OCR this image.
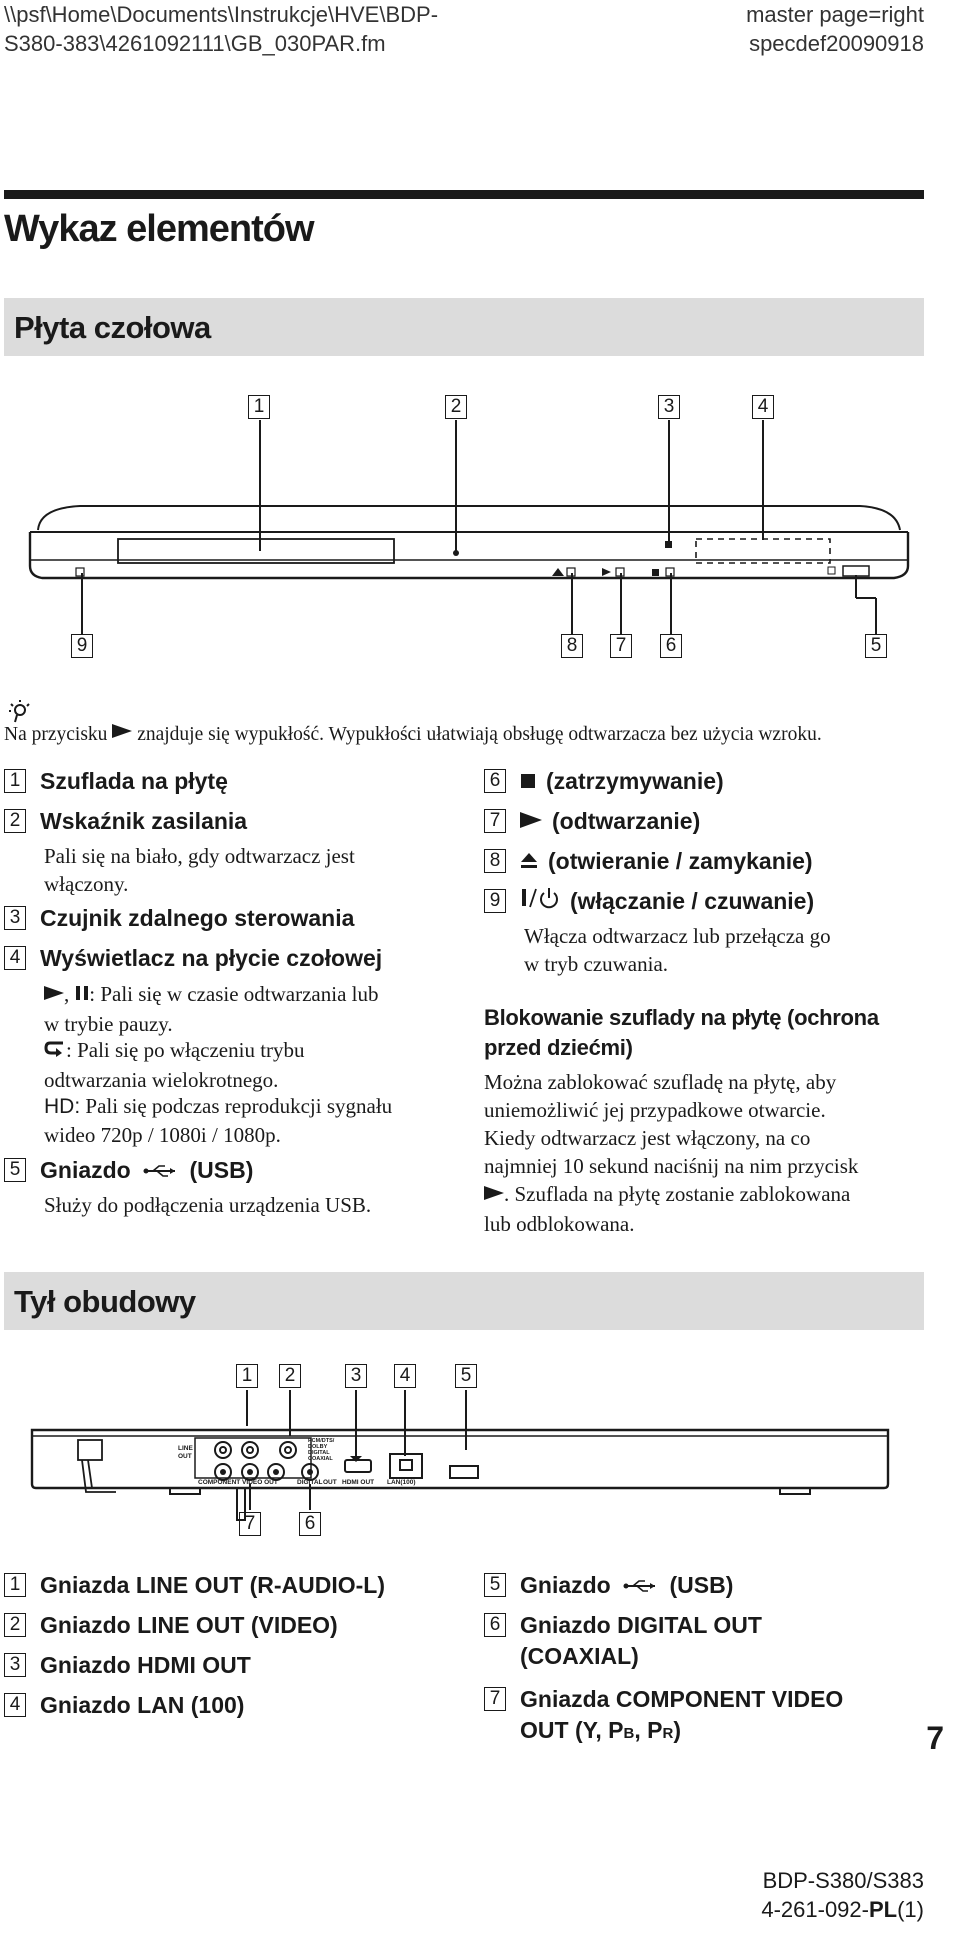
\\psf\Home\Documents\Instrukcje\HVE\BDP-
S380-383\4261092111\GB_030PAR.fm
master page=right
specdef20090918
Wykaz elementów
Płyta czołowa
1	2	3	4
9	8	7	6	5
Na przycisku znajduje się wypukłość. Wypukłości ułatwiają obsługę odtwarzacza bez użycia wzroku.
1 Szuflada na płytę
2 Wskaźnik zasilania
Pali się na biało, gdy odtwarzacz jest
włączony.
3 Czujnik zdalnego sterowania
4 Wyświetlacz na płycie czołowej
, : Pali się w czasie odtwarzania lub
w trybie pauzy.
: Pali się po włączeniu trybu
odtwarzania wielokrotnego.
HD: Pali się podczas reprodukcji sygnału
wideo 720p / 1080i / 1080p.
5 Gniazdo	(USB)
Służy do podłączenia urządzenia USB.
6 (zatrzymywanie)
7 (odtwarzanie)
8 (otwieranie / zamykanie)
9	(włączanie / czuwanie)
Włącza odtwarzacz lub przełącza go
w tryb czuwania.
Blokowanie szuflady na płytę (ochrona
przed dziećmi)
Można zablokować szufladę na płytę, aby
uniemożliwić jej przypadkowe otwarcie.
Kiedy odtwarzacz jest włączony, na co
najmniej 10 sekund naciśnij na nim przycisk
. Szuflada na płytę zostanie zablokowana
lub odblokowana.
Tył obudowy
LINE
OUT
COMPONENT VIDEO OUT	DIGITAL OUT HDMI OUT LAN(100)
PCM/DTS/
DOLBY
DIGITAL
COAXIAL
1	2	3	4	5
7	6
1 Gniazda LINE OUT (R-AUDIO-L)
2 Gniazdo LINE OUT (VIDEO)
3 Gniazdo HDMI OUT
4 Gniazdo LAN (100)
5 Gniazdo	(USB)
6 Gniazdo DIGITAL OUT
(COAXIAL)
7 Gniazda COMPONENT VIDEO
OUT (Y, PB, PR)	7
BDP-S380/S383
4-261-092-PL(1)
